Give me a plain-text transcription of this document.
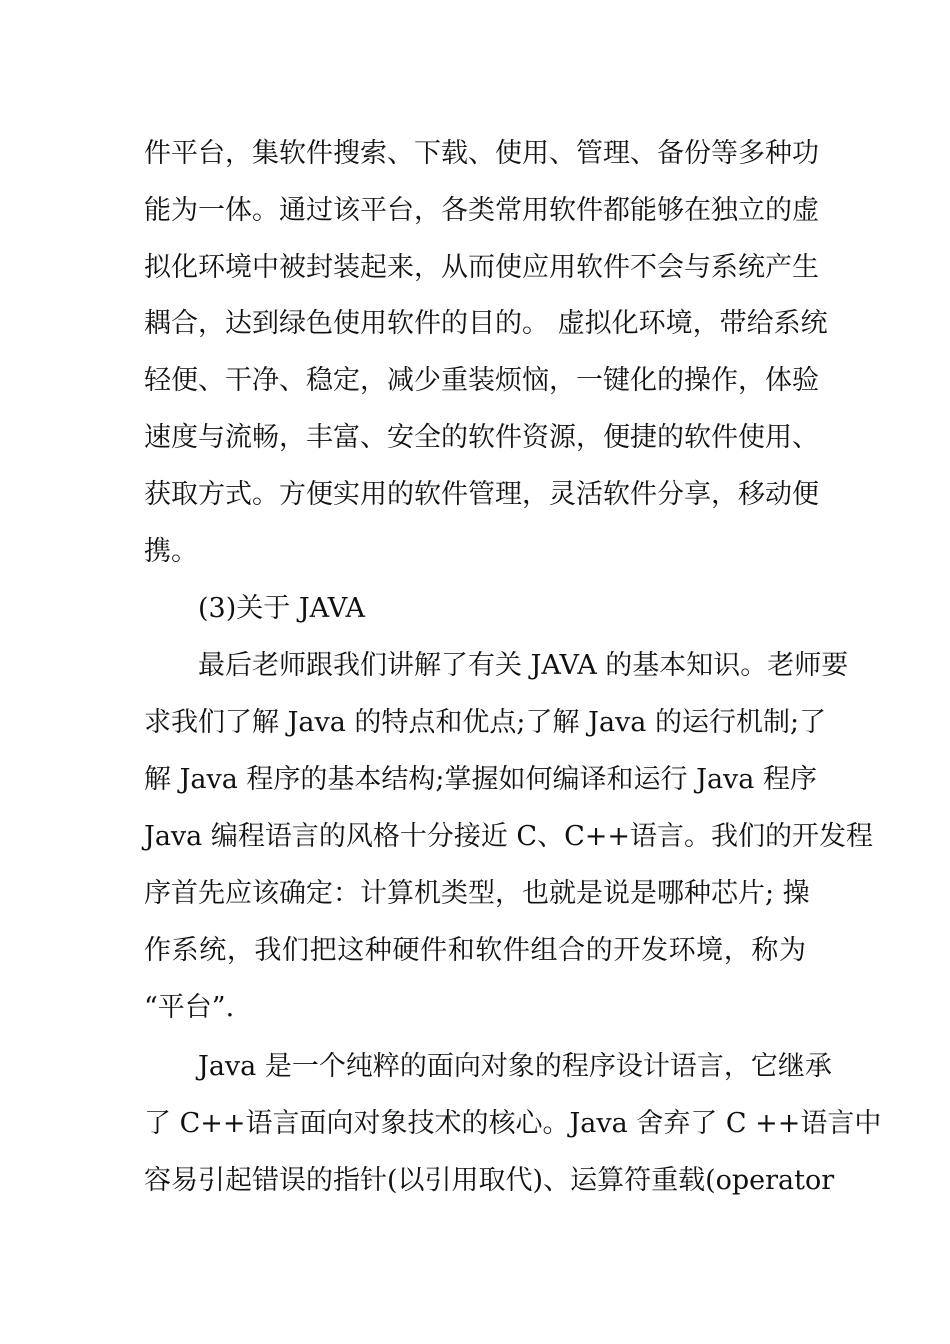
件平台，集软件搜索、下载、使用、管理、备份等多种功
能为一体。通过该平台，各类常用软件都能够在独立的虚
拟化环境中被封装起来，从而使应用软件不会与系统产生
耦合，达到绿色使用软件的目的。 虚拟化环境，带给系统
轻便、干净、稳定，减少重装烦恼，一键化的操作，体验
速度与流畅，丰富、安全的软件资源，便捷的软件使用、
获取方式。方便实用的软件管理，灵活软件分享，移动便
携。
(3)关于 JAVA
最后老师跟我们讲解了有关 JAVA 的基本知识。老师要
求我们了解 Java 的特点和优点;了解 Java 的运行机制;了
解 Java 程序的基本结构;掌握如何编译和运行 Java 程序
Java 编程语言的风格十分接近 C、C++语言。我们的开发程
序首先应该确定：计算机类型，也就是说是哪种芯片; 操
作系统，我们把这种硬件和软件组合的开发环境，称为
“平台”.
Java 是一个纯粹的面向对象的程序设计语言，它继承
了 C++语言面向对象技术的核心。Java 舍弃了 C ++语言中
容易引起错误的指针(以引用取代)、运算符重载(operator
